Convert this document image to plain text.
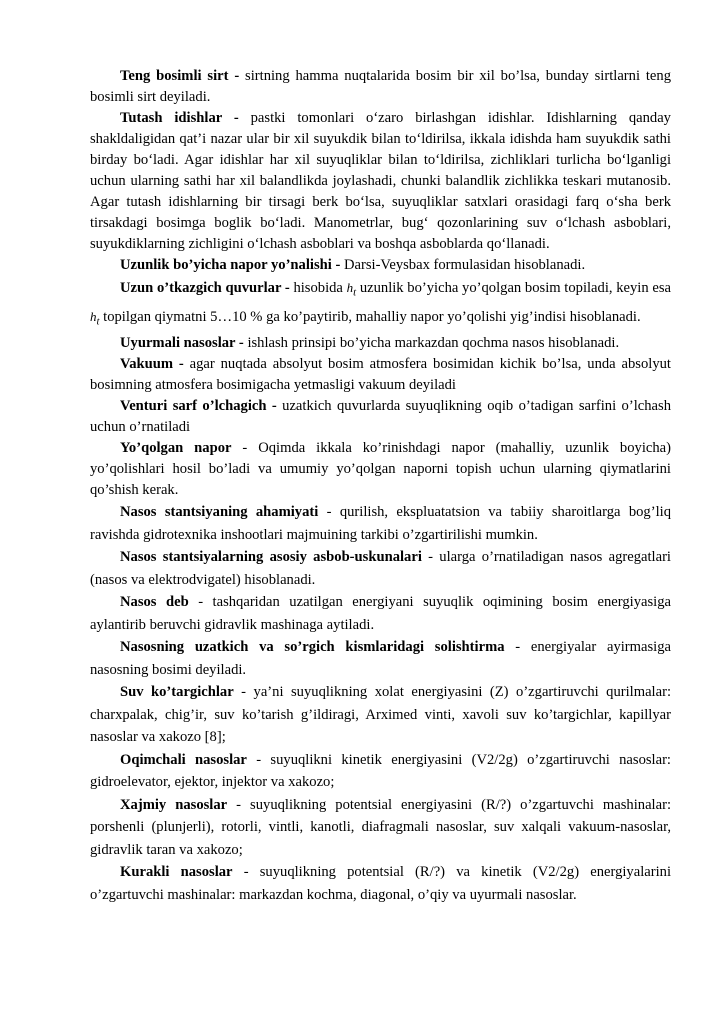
Teng bosimli sirt - sirtning hamma nuqtalarida bosim bir xil bo’lsa, bunday sirtlarni teng bosimli sirt deyiladi.

Tutash idishlar - pastki tomonlari o‘zaro birlashgan idishlar. Idishlarning qanday shakldaligidan qat’i nazar ular bir xil suyukdik bilan to‘ldirilsa, ikkala idishda ham suyukdik sathi birday bo‘ladi. Agar idishlar har xil suyuqliklar bilan to‘ldirilsa, zichliklari turlicha bo‘lganligi uchun ularning sathi har xil balandlikda joylashadi, chunki balandlik zichlikka teskari mutanosib. Agar tutash idishlarning bir tirsagi berk bo‘lsa, suyuqliklar satxlari orasidagi farq o‘sha berk tirsakdagi bosimga boglik bo‘ladi. Manometrlar, bug‘ qozonlarining suv o‘lchash asboblari, suyukdiklarning zichligini o‘lchash asboblari va boshqa asboblarda qo‘llanadi.

Uzunlik bo’yicha napor yo’nalishi - Darsi-Veysbax formulasidan hisoblanadi.

Uzun o’tkazgich quvurlar - hisobida $h_t$ uzunlik bo’yicha yo’qolgan bosim topiladi, keyin esa $h_t$ topilgan qiymatni 5…10 % ga ko’paytirib, mahalliy napor yo’qolishi yig’indisi hisoblanadi.

Uyurmali nasoslar - ishlash prinsipi bo’yicha markazdan qochma nasos hisoblanadi.

Vakuum - agar nuqtada absolyut bosim atmosfera bosimidan kichik bo’lsa, unda absolyut bosimning atmosfera bosimigacha yetmasligi vakuum deyiladi

Venturi sarf o’lchagich - uzatkich quvurlarda suyuqlikning oqib o’tadigan sarfini o’lchash uchun o’rnatiladi

Yo’qolgan napor - Oqimda ikkala ko’rinishdagi napor (mahalliy, uzunlik boyicha) yo’qolishlari hosil bo’ladi va umumiy yo’qolgan naporni topish uchun ularning qiymatlarini qo’shish kerak.

Nasos stantsiyaning ahamiyati - qurilish, ekspluatatsion va tabiiy sharoitlarga bog’liq ravishda gidrotexnika inshootlari majmuining tarkibi o’zgartirilishi mumkin.

Nasos stantsiyalarning asosiy asbob-uskunalari - ularga o’rnatiladigan nasos agregatlari (nasos va elektrodvigatel) hisoblanadi.

Nasos deb - tashqaridan uzatilgan energiyani suyuqlik oqimining bosim energiyasiga aylantirib beruvchi gidravlik mashinaga aytiladi.

Nasosning uzatkich va so’rgich kismlaridagi solishtirma - energiyalar ayirmasiga nasosning bosimi deyiladi.

Suv ko’targichlar - ya’ni suyuqlikning xolat energiyasini (Z) o’zgartiruvchi qurilmalar: charxpalak, chig’ir, suv ko’tarish g’ildiragi, Arximed vinti, xavoli suv ko’targichlar, kapillyar nasoslar va xakozo [8];

Oqimchali nasoslar - suyuqlikni kinetik energiyasini (V2/2g) o’zgartiruvchi nasoslar: gidroelevator, ejektor, injektor va xakozo;

Xajmiy nasoslar - suyuqlikning potentsial energiyasini (R/?) o’zgartuvchi mashinalar: porshenli (plunjerli), rotorli, vintli, kanotli, diafragmali nasoslar, suv xalqali vakuum-nasoslar, gidravlik taran va xakozo;

Kurakli nasoslar - suyuqlikning potentsial (R/?) va kinetik (V2/2g) energiyalarini o’zgartuvchi mashinalar: markazdan kochma, diagonal, o’qiy va uyurmali nasoslar.
